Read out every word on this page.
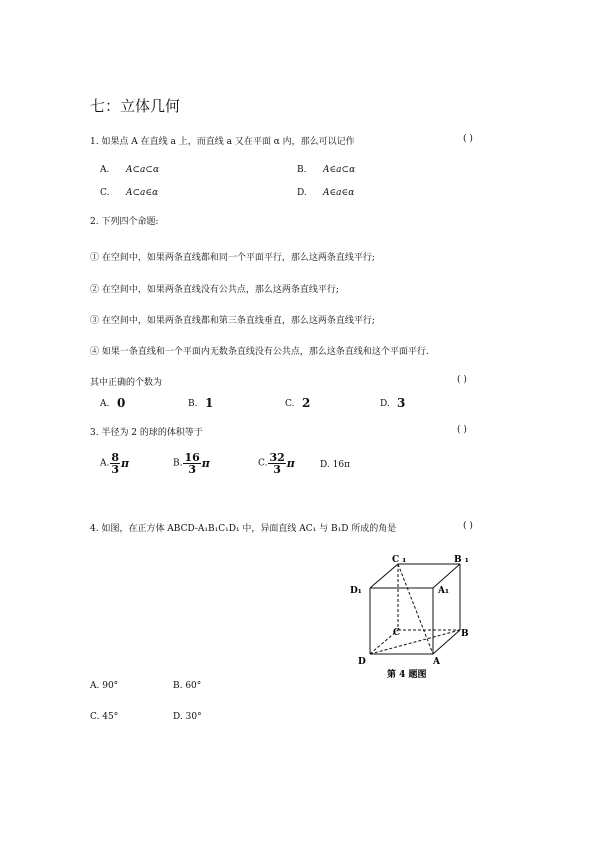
七：立体几何
1. 如果点 A 在直线 a 上，而直线 a 又在平面 α 内，那么可以记作	( )
A. A⊂a⊂α	B. A∈a⊂α
C. A⊂a∈α	D. A∈a∈α
2. 下列四个命题:
① 在空间中，如果两条直线都和同一个平面平行，那么这两条直线平行;
② 在空间中，如果两条直线没有公共点，那么这两条直线平行;
③ 在空间中，如果两条直线都和第三条直线垂直，那么这两条直线平行;
④ 如果一条直线和一个平面内无数条直线没有公共点，那么这条直线和这个平面平行.
其中正确的个数为	( )
A. 0	B. 1	C. 2	D. 3
3. 半径为 2 的球的体积等于	( )
A. $\frac{8}{3}$ π	B. $\frac{16}{3}$ π	C. $\frac{32}{3}$ π	D. 16π
4. 如图，在正方体 ABCD-A₁B₁C₁D₁ 中，异面直线 AC₁ 与 B₁D 所成的角是	( )
C ₁	B ₁
D₁	A₁
C	B
D	A
第 4 题图
A. 90°	B. 60°
C. 45°	D. 30°
